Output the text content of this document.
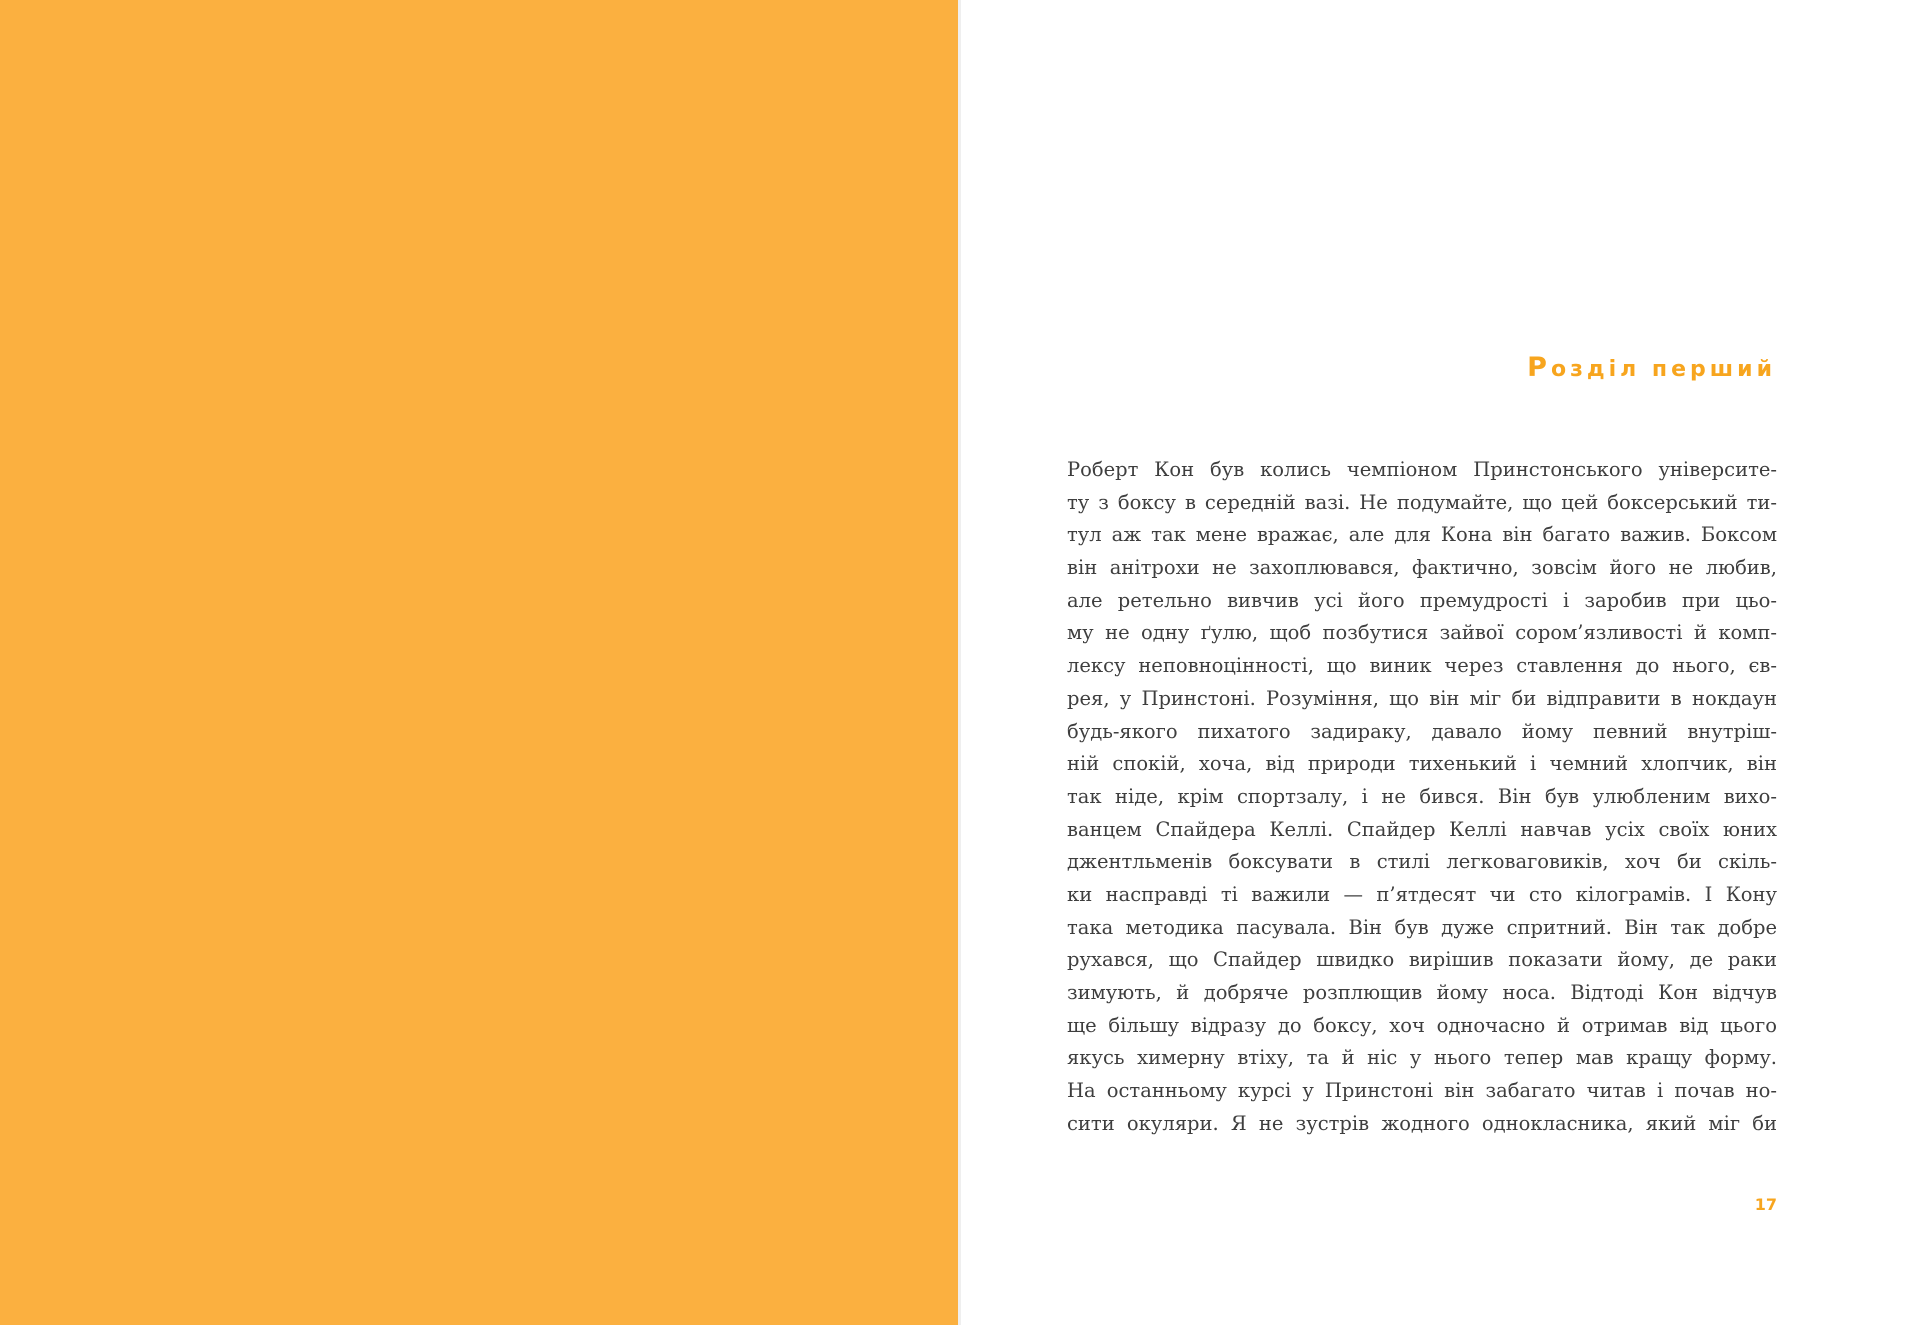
Розділ перший
Роберт Кон був колись чемпіоном Принстонського університе-
ту з боксу в середній вазі. Не подумайте, що цей боксерський ти-
тул аж так мене вражає, але для Кона він багато важив. Боксом
він анітрохи не захоплювався, фактично, зовсім його не любив,
але ретельно вивчив усі його премудрості і заробив при цьо-
му не одну ґулю, щоб позбутися зайвої сором’язливості й комп-
лексу неповноцінності, що виник через ставлення до нього, єв-
рея, у Принстоні. Розуміння, що він міг би відправити в нокдаун
будь-якого пихатого задираку, давало йому певний внутріш-
ній спокій, хоча, від природи тихенький і чемний хлопчик, він
так ніде, крім спортзалу, і не бився. Він був улюбленим вихо-
ванцем Спайдера Келлі. Спайдер Келлі навчав усіх своїх юних
джентльменів боксувати в стилі легковаговиків, хоч би скіль-
ки насправді ті важили — п’ятдесят чи сто кілограмів. І Кону
така методика пасувала. Він був дуже спритний. Він так добре
рухався, що Спайдер швидко вирішив показати йому, де раки
зимують, й добряче розплющив йому носа. Відтоді Кон відчув
ще більшу відразу до боксу, хоч одночасно й отримав від цього
якусь химерну втіху, та й ніс у нього тепер мав кращу форму.
На останньому курсі у Принстоні він забагато читав і почав но-
сити окуляри. Я не зустрів жодного однокласника, який міг би

17
